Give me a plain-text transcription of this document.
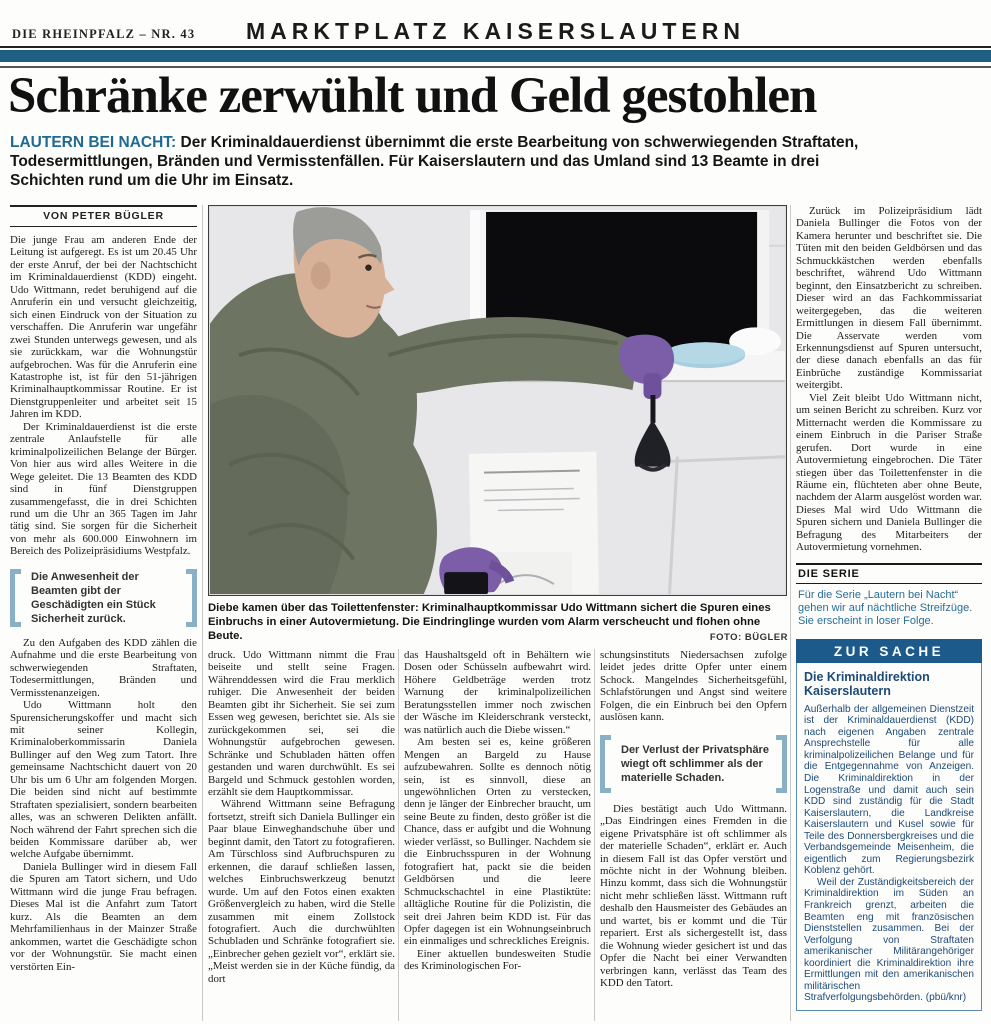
DIE RHEINPFALZ – NR. 43	MARKTPLATZ KAISERSLAUTERN
Schränke zerwühlt und Geld gestohlen

LAUTERN BEI NACHT: Der Kriminaldauerdienst übernimmt die erste Bearbeitung von schwerwiegenden Straftaten, Todesermittlungen, Bränden und Vermisstenfällen. Für Kaiserslautern und das Umland sind 13 Beamte in drei Schichten rund um die Uhr im Einsatz.

VON PETER BÜGLER

Die junge Frau am anderen Ende der Leitung ist aufgeregt. Es ist um 20.45 Uhr der erste Anruf, der bei der Nachtschicht im Kriminaldauerdienst (KDD) eingeht. Udo Wittmann, redet beruhigend auf die Anruferin ein und versucht gleichzeitig, sich einen Eindruck von der Situation zu verschaffen. Die Anruferin war ungefähr zwei Stunden unterwegs gewesen, und als sie zurückkam, war die Wohnungstür aufgebrochen. Was für die Anruferin eine Katastrophe ist, ist für den 51-jährigen Kriminalhauptkommissar Routine. Er ist Dienstgruppenleiter und arbeitet seit 15 Jahren im KDD.

Der Kriminaldauerdienst ist die erste zentrale Anlaufstelle für alle kriminalpolizeilichen Belange der Bürger. Von hier aus wird alles Weitere in die Wege geleitet. Die 13 Beamten des KDD sind in fünf Dienstgruppen zusammengefasst, die in drei Schichten rund um die Uhr an 365 Tagen im Jahr tätig sind. Sie sorgen für die Sicherheit von mehr als 600.000 Einwohnern im Bereich des Polizeipräsidiums Westpfalz.

Die Anwesenheit der Beamten gibt der Geschädigten ein Stück Sicherheit zurück.

Zu den Aufgaben des KDD zählen die Aufnahme und die erste Bearbeitung von schwerwiegenden Straftaten, Todesermittlungen, Bränden und Vermisstenanzeigen.

Udo Wittmann holt den Spurensicherungskoffer und macht sich mit seiner Kollegin, Kriminaloberkommissarin Daniela Bullinger auf den Weg zum Tatort. Ihre gemeinsame Nachtschicht dauert von 20 Uhr bis um 6 Uhr am folgenden Morgen. Die beiden sind nicht auf bestimmte Straftaten spezialisiert, sondern bearbeiten alles, was an schweren Delikten anfällt. Noch während der Fahrt sprechen sich die beiden Kommissare darüber ab, wer welche Aufgabe übernimmt.

Daniela Bullinger wird in diesem Fall die Spuren am Tatort sichern, und Udo Wittmann wird die junge Frau befragen. Dieses Mal ist die Anfahrt zum Tatort kurz. Als die Beamten an dem Mehrfamilienhaus in der Mainzer Straße ankommen, wartet die Geschädigte schon vor der Wohnungstür. Sie macht einen verstörten Ein-

Diebe kamen über das Toilettenfenster: Kriminalhauptkommissar Udo Wittmann sichert die Spuren eines Einbruchs in einer Autovermietung. Die Eindringlinge wurden vom Alarm verscheucht und flohen ohne Beute.	FOTO: BÜGLER

druck. Udo Wittmann nimmt die Frau beiseite und stellt seine Fragen. Währenddessen wird die Frau merklich ruhiger. Die Anwesenheit der beiden Beamten gibt ihr Sicherheit. Sie sei zum Essen weg gewesen, berichtet sie. Als sie zurückgekommen sei, sei die Wohnungstür aufgebrochen gewesen. Schränke und Schubladen hätten offen gestanden und waren durchwühlt. Es sei Bargeld und Schmuck gestohlen worden, erzählt sie dem Hauptkommissar.

Während Wittmann seine Befragung fortsetzt, streift sich Daniela Bullinger ein Paar blaue Einweghandschuhe über und beginnt damit, den Tatort zu fotografieren. Am Türschloss sind Aufbruchspuren zu erkennen, die darauf schließen lassen, welches Einbruchswerkzeug benutzt wurde. Um auf den Fotos einen exakten Größenvergleich zu haben, wird die Stelle zusammen mit einem Zollstock fotografiert. Auch die durchwühlten Schubladen und Schränke fotografiert sie. „Einbrecher gehen gezielt vor“, erklärt sie. „Meist werden sie in der Küche fündig, da dort

das Haushaltsgeld oft in Behältern wie Dosen oder Schüsseln aufbewahrt wird. Höhere Geldbeträge werden trotz Warnung der kriminalpolizeilichen Beratungsstellen immer noch zwischen der Wäsche im Kleiderschrank versteckt, was natürlich auch die Diebe wissen.“

Am besten sei es, keine größeren Mengen an Bargeld zu Hause aufzubewahren. Sollte es dennoch nötig sein, ist es sinnvoll, diese an ungewöhnlichen Orten zu verstecken, denn je länger der Einbrecher braucht, um seine Beute zu finden, desto größer ist die Chance, dass er aufgibt und die Wohnung wieder verlässt, so Bullinger. Nachdem sie die Einbruchsspuren in der Wohnung fotografiert hat, packt sie die beiden Geldbörsen und die leere Schmuckschachtel in eine Plastiktüte: alltägliche Routine für die Polizistin, die seit drei Jahren beim KDD ist. Für das Opfer dagegen ist ein Wohnungseinbruch ein einmaliges und schreckliches Ereignis.

Einer aktuellen bundesweiten Studie des Kriminologischen For-

schungsinstituts Niedersachsen zufolge leidet jedes dritte Opfer unter einem Schock. Mangelndes Sicherheitsgefühl, Schlafstörungen und Angst sind weitere Folgen, die ein Einbruch bei den Opfern auslösen kann.

Der Verlust der Privatsphäre wiegt oft schlimmer als der materielle Schaden.

Dies bestätigt auch Udo Wittmann. „Das Eindringen eines Fremden in die eigene Privatsphäre ist oft schlimmer als der materielle Schaden“, erklärt er. Auch in diesem Fall ist das Opfer verstört und möchte nicht in der Wohnung bleiben. Hinzu kommt, dass sich die Wohnungstür nicht mehr schließen lässt. Wittmann ruft deshalb den Hausmeister des Gebäudes an und wartet, bis er kommt und die Tür repariert. Erst als sichergestellt ist, dass die Wohnung wieder gesichert ist und das Opfer die Nacht bei einer Verwandten verbringen kann, verlässt das Team des KDD den Tatort.

Zurück im Polizeipräsidium lädt Daniela Bullinger die Fotos von der Kamera herunter und beschriftet sie. Die Tüten mit den beiden Geldbörsen und das Schmuckkästchen werden ebenfalls beschriftet, während Udo Wittmann beginnt, den Einsatzbericht zu schreiben. Dieser wird an das Fachkommissariat weitergegeben, das die weiteren Ermittlungen in diesem Fall übernimmt. Die Asservate werden vom Erkennungsdienst auf Spuren untersucht, der diese danach ebenfalls an das für Einbrüche zuständige Kommissariat weitergibt.

Viel Zeit bleibt Udo Wittmann nicht, um seinen Bericht zu schreiben. Kurz vor Mitternacht werden die Kommissare zu einem Einbruch in die Pariser Straße gerufen. Dort wurde in eine Autovermietung eingebrochen. Die Täter stiegen über das Toilettenfenster in die Räume ein, flüchteten aber ohne Beute, nachdem der Alarm ausgelöst worden war. Dieses Mal wird Udo Wittmann die Spuren sichern und Daniela Bullinger die Befragung des Mitarbeiters der Autovermietung vornehmen.

DIE SERIE
Für die Serie „Lautern bei Nacht“ gehen wir auf nächtliche Streifzüge. Sie erscheint in loser Folge.
ZUR SACHE
Die Kriminaldirektion Kaiserslautern

Außerhalb der allgemeinen Dienstzeit ist der Kriminaldauerdienst (KDD) nach eigenen Angaben zentrale Ansprechstelle für alle kriminalpolizeilichen Belange und für die Entgegennahme von Anzeigen. Die Kriminaldirektion in der Logenstraße und damit auch sein KDD sind zuständig für die Stadt Kaiserslautern, die Landkreise Kaiserslautern und Kusel sowie für Teile des Donnersbergkreises und die Verbandsgemeinde Meisenheim, die eigentlich zum Regierungsbezirk Koblenz gehört.

Weil der Zuständigkeitsbereich der Kriminaldirektion im Süden an Frankreich grenzt, arbeiten die Beamten eng mit französischen Dienststellen zusammen. Bei der Verfolgung von Straftaten amerikanischer Militärangehöriger koordiniert die Kriminaldirektion ihre Ermittlungen mit den amerikanischen militärischen Strafverfolgungsbehörden. (pbü/knr)
